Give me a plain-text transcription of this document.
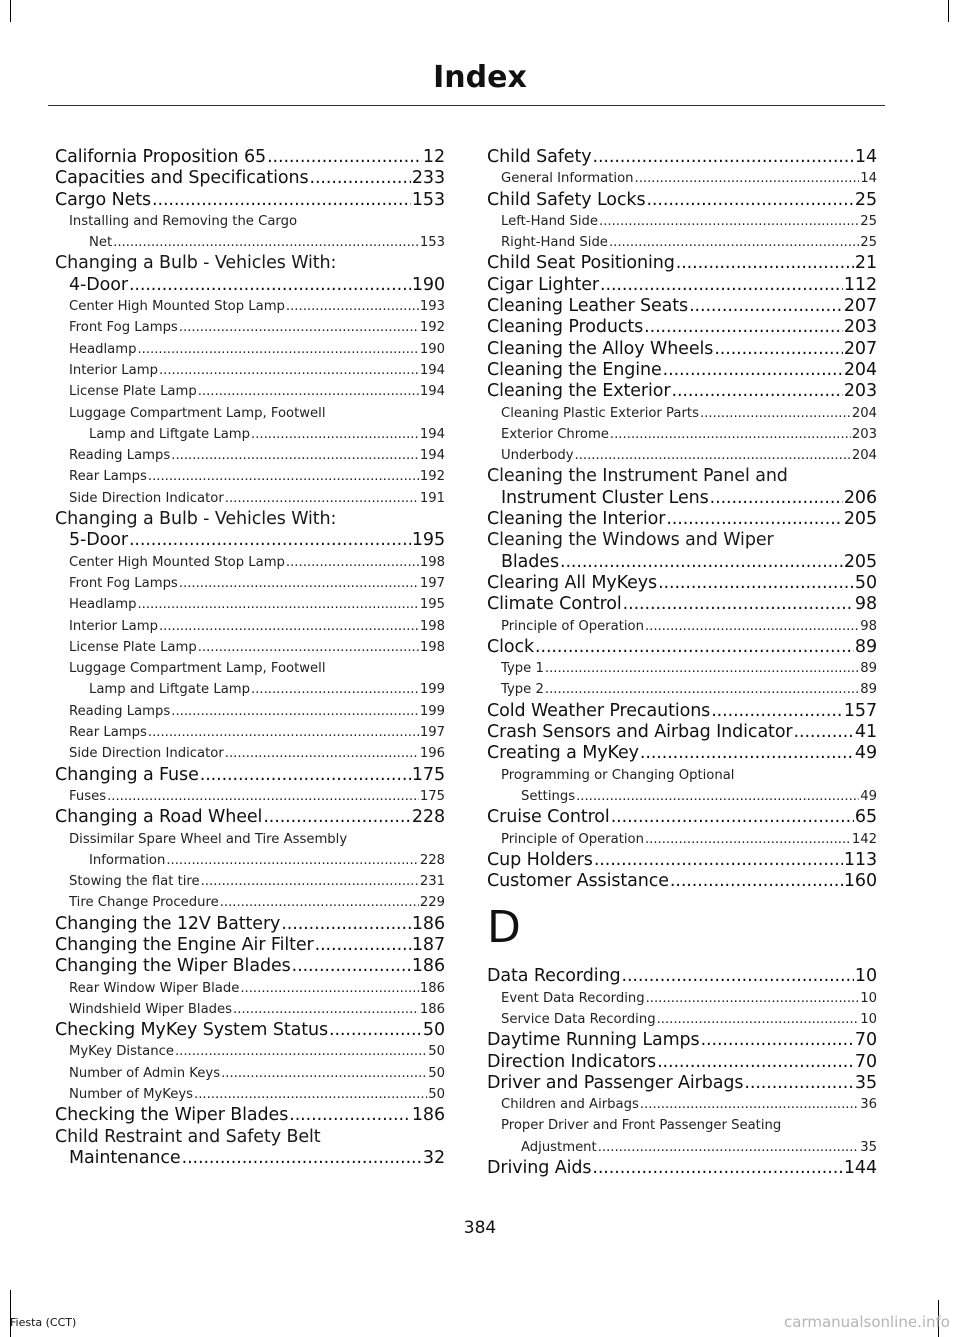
Index
California Proposition 65 .....	12
Capacities and Specifications .....	233
Cargo Nets .....	153
Installing and Removing the Cargo
Net .....	153
Changing a Bulb - Vehicles With:
4-Door .....	190
Center High Mounted Stop Lamp .....	193
Front Fog Lamps .....	192
Headlamp .....	190
Interior Lamp .....	194
License Plate Lamp .....	194
Luggage Compartment Lamp, Footwell
Lamp and Liftgate Lamp .....	194
Reading Lamps .....	194
Rear Lamps .....	192
Side Direction Indicator .....	191
Changing a Bulb - Vehicles With:
5-Door .....	195
Center High Mounted Stop Lamp .....	198
Front Fog Lamps .....	197
Headlamp .....	195
Interior Lamp .....	198
License Plate Lamp .....	198
Luggage Compartment Lamp, Footwell
Lamp and Liftgate Lamp .....	199
Reading Lamps .....	199
Rear Lamps .....	197
Side Direction Indicator .....	196
Changing a Fuse .....	175
Fuses .....	175
Changing a Road Wheel .....	228
Dissimilar Spare Wheel and Tire Assembly
Information .....	228
Stowing the flat tire .....	231
Tire Change Procedure .....	229
Changing the 12V Battery .....	186
Changing the Engine Air Filter .....	187
Changing the Wiper Blades .....	186
Rear Window Wiper Blade .....	186
Windshield Wiper Blades .....	186
Checking MyKey System Status .....	50
MyKey Distance .....	50
Number of Admin Keys .....	50
Number of MyKeys .....	50
Checking the Wiper Blades .....	186
Child Restraint and Safety Belt
Maintenance .....	32
Child Safety .....	14
General Information .....	14
Child Safety Locks .....	25
Left-Hand Side .....	25
Right-Hand Side .....	25
Child Seat Positioning .....	21
Cigar Lighter .....	112
Cleaning Leather Seats .....	207
Cleaning Products .....	203
Cleaning the Alloy Wheels .....	207
Cleaning the Engine .....	204
Cleaning the Exterior .....	203
Cleaning Plastic Exterior Parts .....	204
Exterior Chrome .....	203
Underbody .....	204
Cleaning the Instrument Panel and
Instrument Cluster Lens .....	206
Cleaning the Interior .....	205
Cleaning the Windows and Wiper
Blades .....	205
Clearing All MyKeys .....	50
Climate Control .....	98
Principle of Operation .....	98
Clock .....	89
Type 1 .....	89
Type 2 .....	89
Cold Weather Precautions .....	157
Crash Sensors and Airbag Indicator .....	41
Creating a MyKey .....	49
Programming or Changing Optional
Settings .....	49
Cruise Control .....	65
Principle of Operation .....	142
Cup Holders .....	113
Customer Assistance .....	160
D
Data Recording .....	10
Event Data Recording .....	10
Service Data Recording .....	10
Daytime Running Lamps .....	70
Direction Indicators .....	70
Driver and Passenger Airbags .....	35
Children and Airbags .....	36
Proper Driver and Front Passenger Seating
Adjustment .....	35
Driving Aids .....	144
384
Fiesta (CCT)	carmanualsonline.info
